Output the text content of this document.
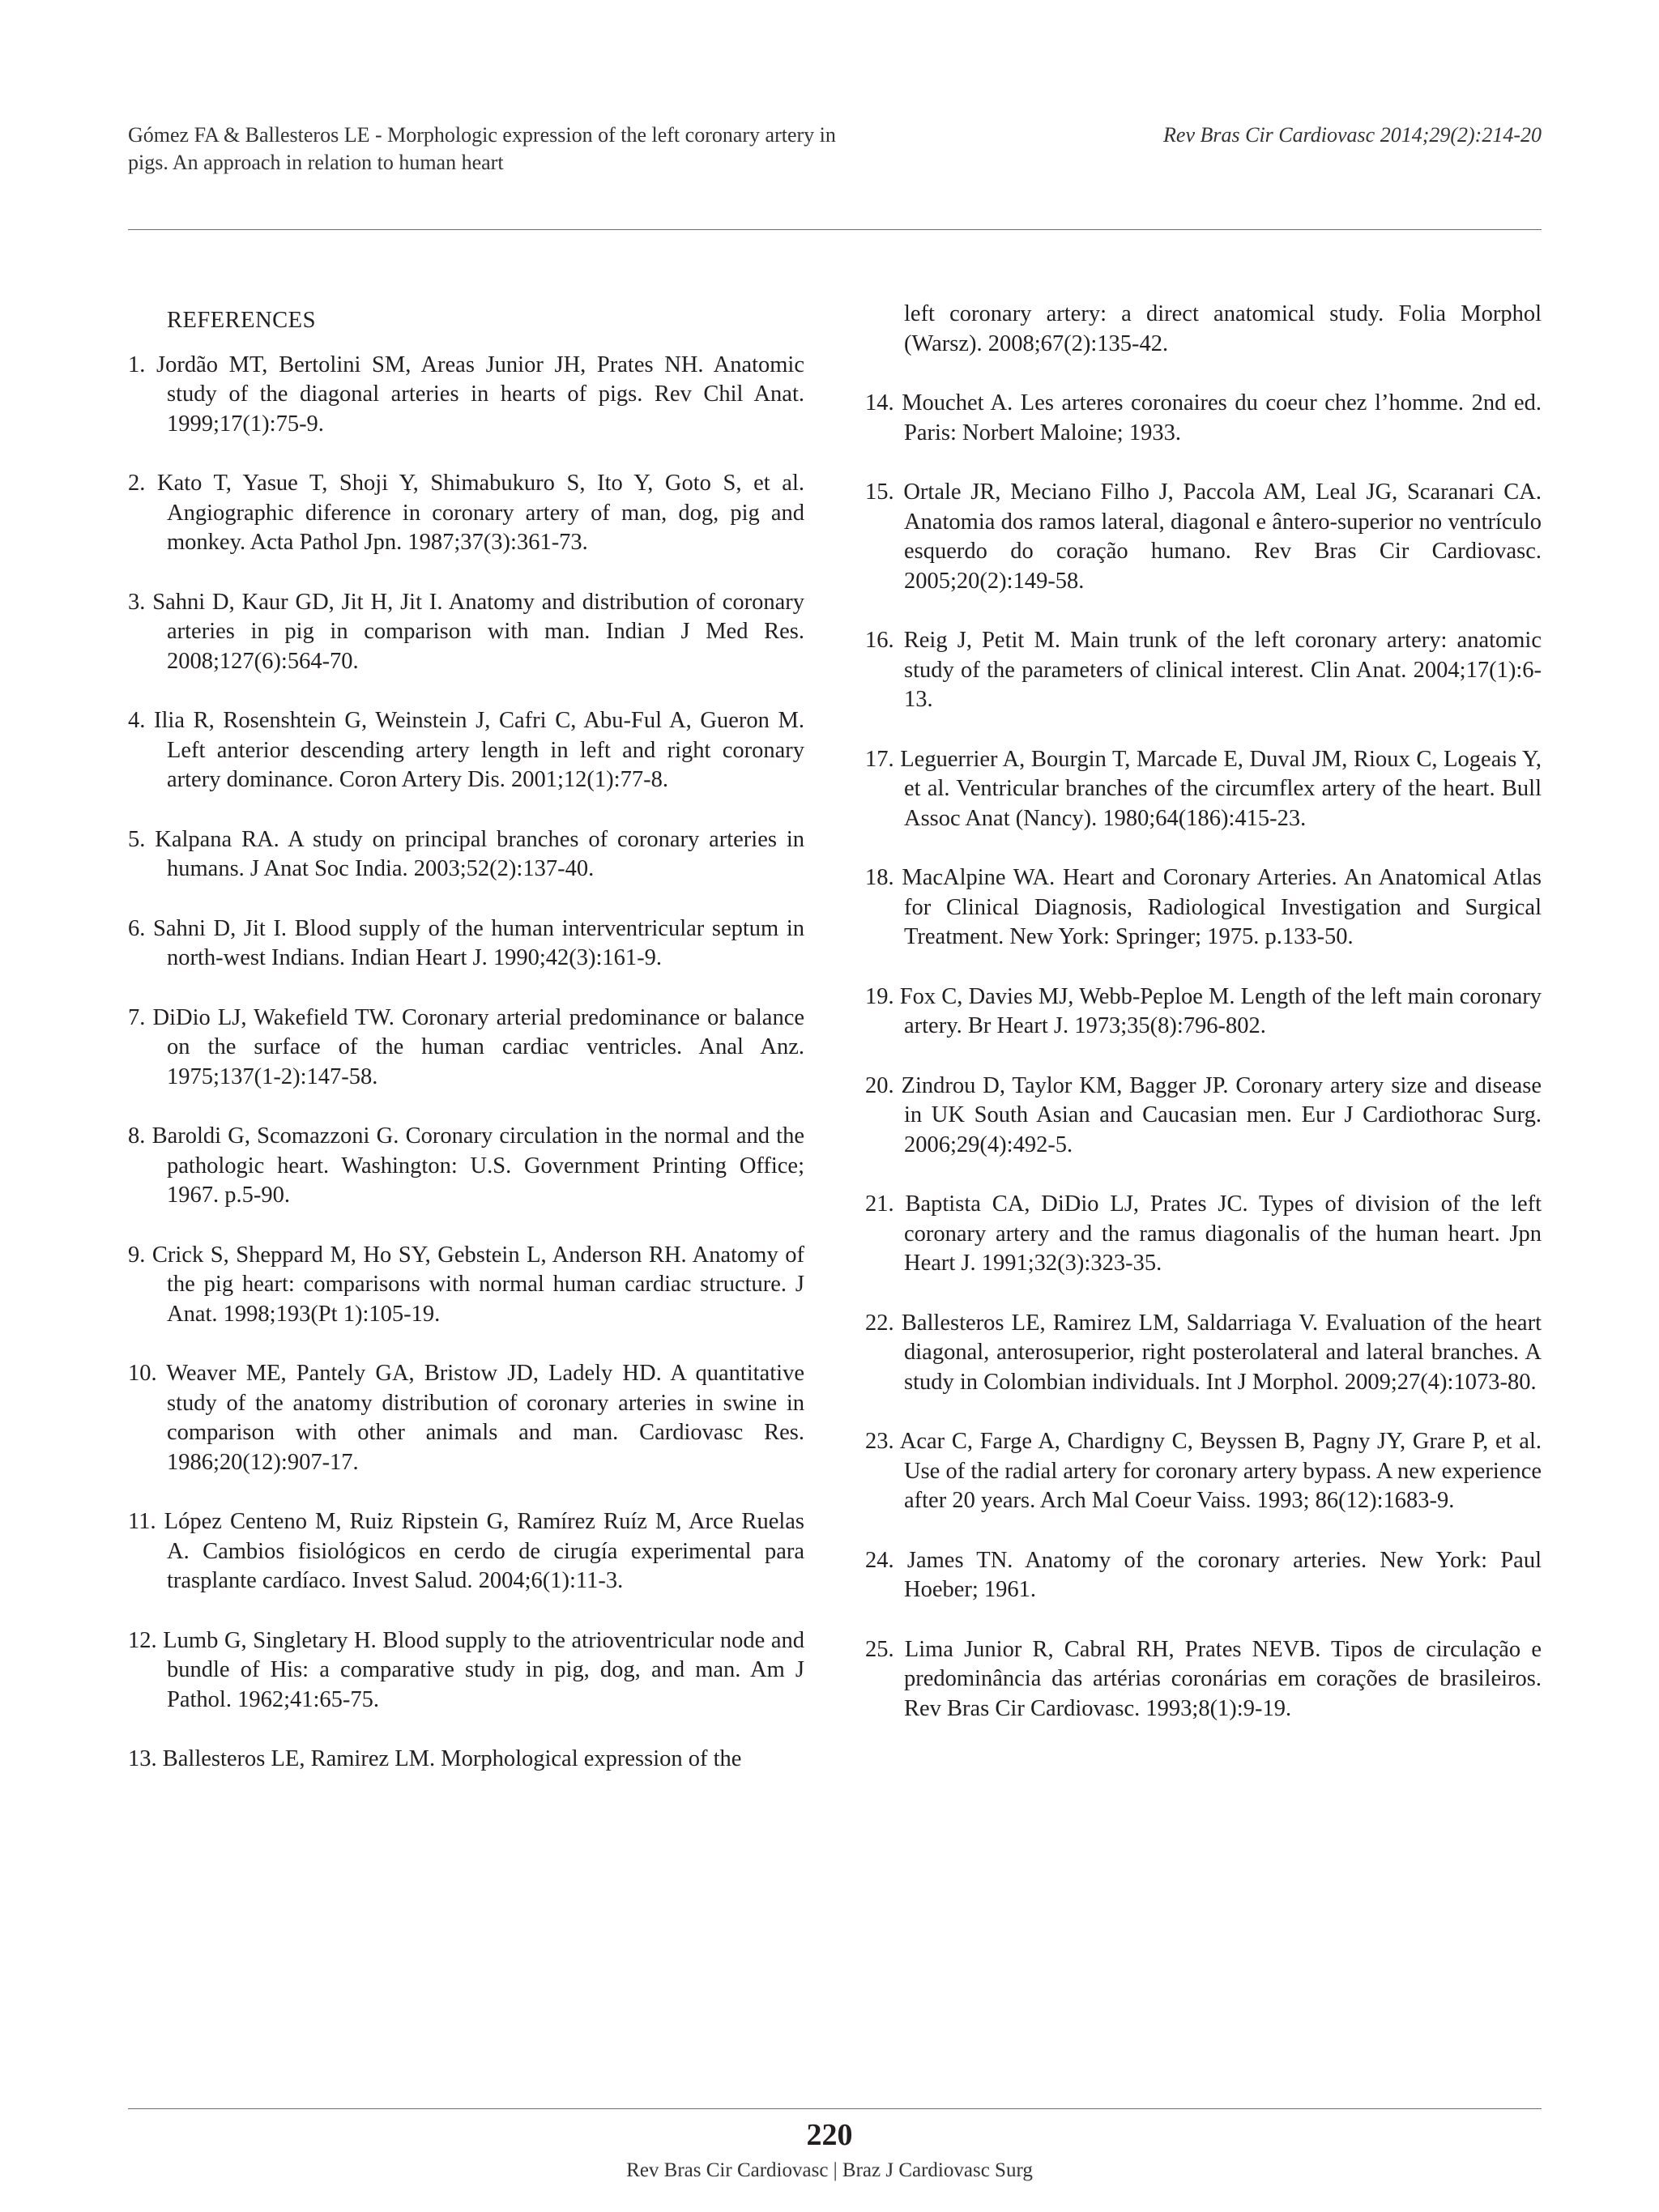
Gómez FA & Ballesteros LE - Morphologic expression of the left coronary artery in pigs. An approach in relation to human heart
Rev Bras Cir Cardiovasc 2014;29(2):214-20
REFERENCES

1. Jordão MT, Bertolini SM, Areas Junior JH, Prates NH. Anatomic study of the diagonal arteries in hearts of pigs. Rev Chil Anat. 1999;17(1):75-9.

2. Kato T, Yasue T, Shoji Y, Shimabukuro S, Ito Y, Goto S, et al. Angiographic diference in coronary artery of man, dog, pig and monkey. Acta Pathol Jpn. 1987;37(3):361-73.

3. Sahni D, Kaur GD, Jit H, Jit I. Anatomy and distribution of coronary arteries in pig in comparison with man. Indian J Med Res. 2008;127(6):564-70.

4. Ilia R, Rosenshtein G, Weinstein J, Cafri C, Abu-Ful A, Gueron M. Left anterior descending artery length in left and right coronary artery dominance. Coron Artery Dis. 2001;12(1):77-8.

5. Kalpana RA. A study on principal branches of coronary arteries in humans. J Anat Soc India. 2003;52(2):137-40.

6. Sahni D, Jit I. Blood supply of the human interventricular septum in north-west Indians. Indian Heart J. 1990;42(3):161-9.

7. DiDio LJ, Wakefield TW. Coronary arterial predominance or balance on the surface of the human cardiac ventricles. Anal Anz. 1975;137(1-2):147-58.

8. Baroldi G, Scomazzoni G. Coronary circulation in the normal and the pathologic heart. Washington: U.S. Government Printing Office; 1967. p.5-90.

9. Crick S, Sheppard M, Ho SY, Gebstein L, Anderson RH. Anatomy of the pig heart: comparisons with normal human cardiac structure. J Anat. 1998;193(Pt 1):105-19.

10. Weaver ME, Pantely GA, Bristow JD, Ladely HD. A quantitative study of the anatomy distribution of coronary arteries in swine in comparison with other animals and man. Cardiovasc Res. 1986;20(12):907-17.

11. López Centeno M, Ruiz Ripstein G, Ramírez Ruíz M, Arce Ruelas A. Cambios fisiológicos en cerdo de cirugía experimental para trasplante cardíaco. Invest Salud. 2004;6(1):11-3.

12. Lumb G, Singletary H. Blood supply to the atrioventricular node and bundle of His: a comparative study in pig, dog, and man. Am J Pathol. 1962;41:65-75.

13. Ballesteros LE, Ramirez LM. Morphological expression of the

left coronary artery: a direct anatomical study. Folia Morphol (Warsz). 2008;67(2):135-42.

14. Mouchet A. Les arteres coronaires du coeur chez l’homme. 2nd ed. Paris: Norbert Maloine; 1933.

15. Ortale JR, Meciano Filho J, Paccola AM, Leal JG, Scaranari CA. Anatomia dos ramos lateral, diagonal e ântero-superior no ventrículo esquerdo do coração humano. Rev Bras Cir Cardiovasc. 2005;20(2):149-58.

16. Reig J, Petit M. Main trunk of the left coronary artery: anatomic study of the parameters of clinical interest. Clin Anat. 2004;17(1):6-13.

17. Leguerrier A, Bourgin T, Marcade E, Duval JM, Rioux C, Logeais Y, et al. Ventricular branches of the circumflex artery of the heart. Bull Assoc Anat (Nancy). 1980;64(186):415-23.

18. MacAlpine WA. Heart and Coronary Arteries. An Anatomical Atlas for Clinical Diagnosis, Radiological Investigation and Surgical Treatment. New York: Springer; 1975. p.133-50.

19. Fox C, Davies MJ, Webb-Peploe M. Length of the left main coronary artery. Br Heart J. 1973;35(8):796-802.

20. Zindrou D, Taylor KM, Bagger JP. Coronary artery size and disease in UK South Asian and Caucasian men. Eur J Cardiothorac Surg. 2006;29(4):492-5.

21. Baptista CA, DiDio LJ, Prates JC. Types of division of the left coronary artery and the ramus diagonalis of the human heart. Jpn Heart J. 1991;32(3):323-35.

22. Ballesteros LE, Ramirez LM, Saldarriaga V. Evaluation of the heart diagonal, anterosuperior, right posterolateral and lateral branches. A study in Colombian individuals. Int J Morphol. 2009;27(4):1073-80.

23. Acar C, Farge A, Chardigny C, Beyssen B, Pagny JY, Grare P, et al. Use of the radial artery for coronary artery bypass. A new experience after 20 years. Arch Mal Coeur Vaiss. 1993; 86(12):1683-9.

24. James TN. Anatomy of the coronary arteries. New York: Paul Hoeber; 1961.

25. Lima Junior R, Cabral RH, Prates NEVB. Tipos de circulação e predominância das artérias coronárias em corações de brasileiros. Rev Bras Cir Cardiovasc. 1993;8(1):9-19.

220
Rev Bras Cir Cardiovasc | Braz J Cardiovasc Surg
